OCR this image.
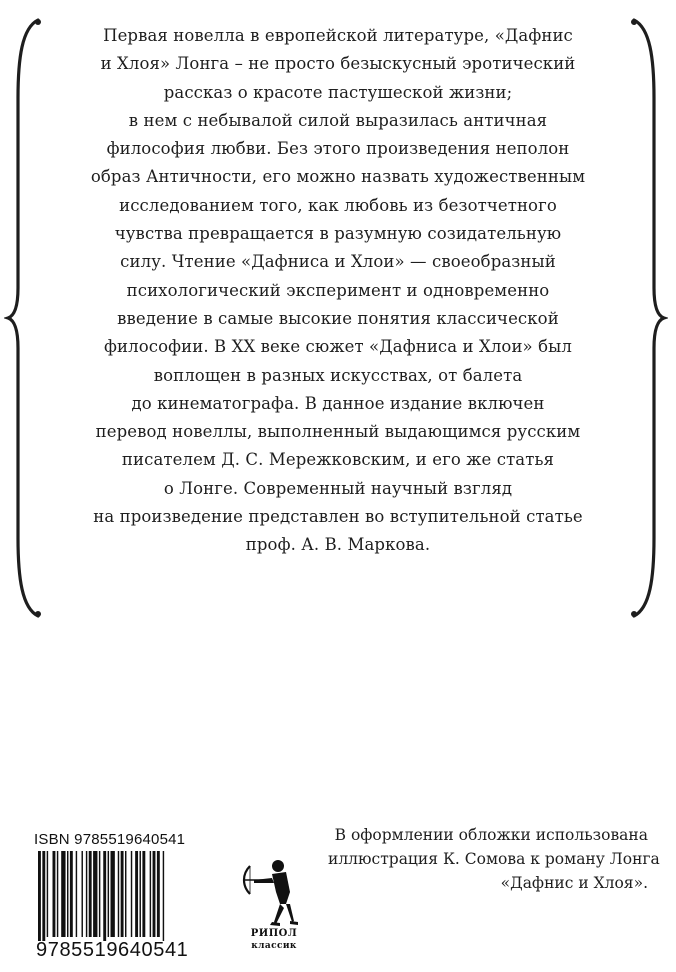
Первая новелла в европейской литературе, «Дафнис
и Хлоя» Лонга – не просто безыскусный эротический
рассказ о красоте пастушеской жизни;
в нем с небывалой силой выразилась античная
философия любви. Без этого произведения неполон
образ Античности, его можно назвать художественным
исследованием того, как любовь из безотчетного
чувства превращается в разумную созидательную
силу. Чтение «Дафниса и Хлои» — своеобразный
психологический эксперимент и одновременно
введение в самые высокие понятия классической
философии. В XX веке сюжет «Дафниса и Хлои» был
воплощен в разных искусствах, от балета
до кинематографа. В данное издание включен
перевод новеллы, выполненный выдающимся русским
писателем Д. С. Мережковским, и его же статья
о Лонге. Современный научный взгляд
на произведение представлен во вступительной статье
проф. А. В. Маркова.
ISBN 9785519640541
9785519640541
РИПОЛ
классик
В оформлении обложки использована
иллюстрация К. Сомова к роману Лонга
«Дафнис и Хлоя».
